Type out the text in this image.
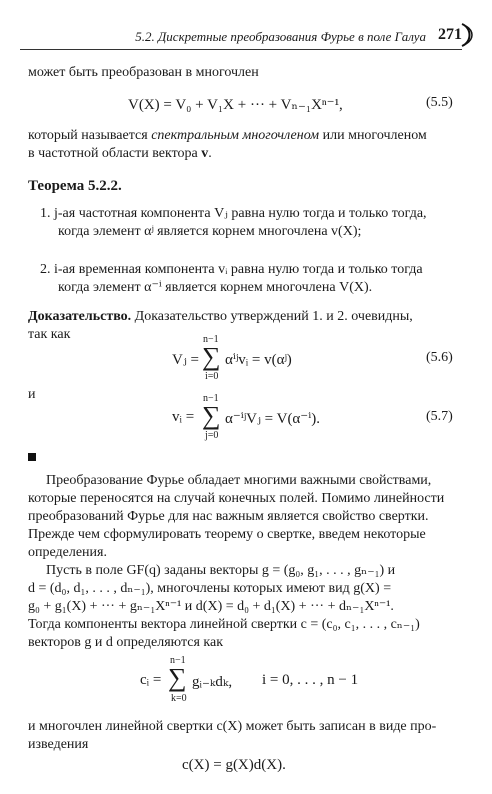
5.2. Дискретные преобразования Фурье в поле Галуа 271
может быть преобразован в многочлен
V(X) = V₀ + V₁X + ··· + Vₙ₋₁Xⁿ⁻¹,	(5.5)
который называется спектральным многочленом или многочленом
в частотной области вектора v.
Теорема 5.2.2.
1. j-ая частотная компонента Vⱼ равна нулю тогда и только тогда,
когда элемент αʲ является корнем многочлена v(X);
2. i-ая временная компонента vᵢ равна нулю тогда и только тогда
когда элемент α⁻ⁱ является корнем многочлена V(X).
Доказательство. Доказательство утверждений 1. и 2. очевидны,
так как
Vⱼ =
n−1
∑
i=0
αⁱʲvᵢ = v(αʲ)	(5.6)
и
vᵢ =
n−1
∑
j=0
α⁻ⁱʲVⱼ = V(α⁻ⁱ).	(5.7)
Преобразование Фурье обладает многими важными свойствами,
которые переносятся на случай конечных полей. Помимо линейности
преобразований Фурье для нас важным является свойство свертки.
Прежде чем сформулировать теорему о свертке, введем некоторые
определения.
Пусть в поле GF(q) заданы векторы g = (g₀, g₁, . . . , gₙ₋₁) и
d = (d₀, d₁, . . . , dₙ₋₁), многочлены которых имеют вид g(X) =
g₀ + g₁(X) + ··· + gₙ₋₁Xⁿ⁻¹ и d(X) = d₀ + d₁(X) + ··· + dₙ₋₁Xⁿ⁻¹.
Тогда компоненты вектора линейной свертки c = (c₀, c₁, . . . , cₙ₋₁)
векторов g и d определяются как
cᵢ =
n−1
∑
k=0
gᵢ₋ₖdₖ, i = 0, . . . , n − 1
и многочлен линейной свертки c(X) может быть записан в виде про-
изведения
c(X) = g(X)d(X).
